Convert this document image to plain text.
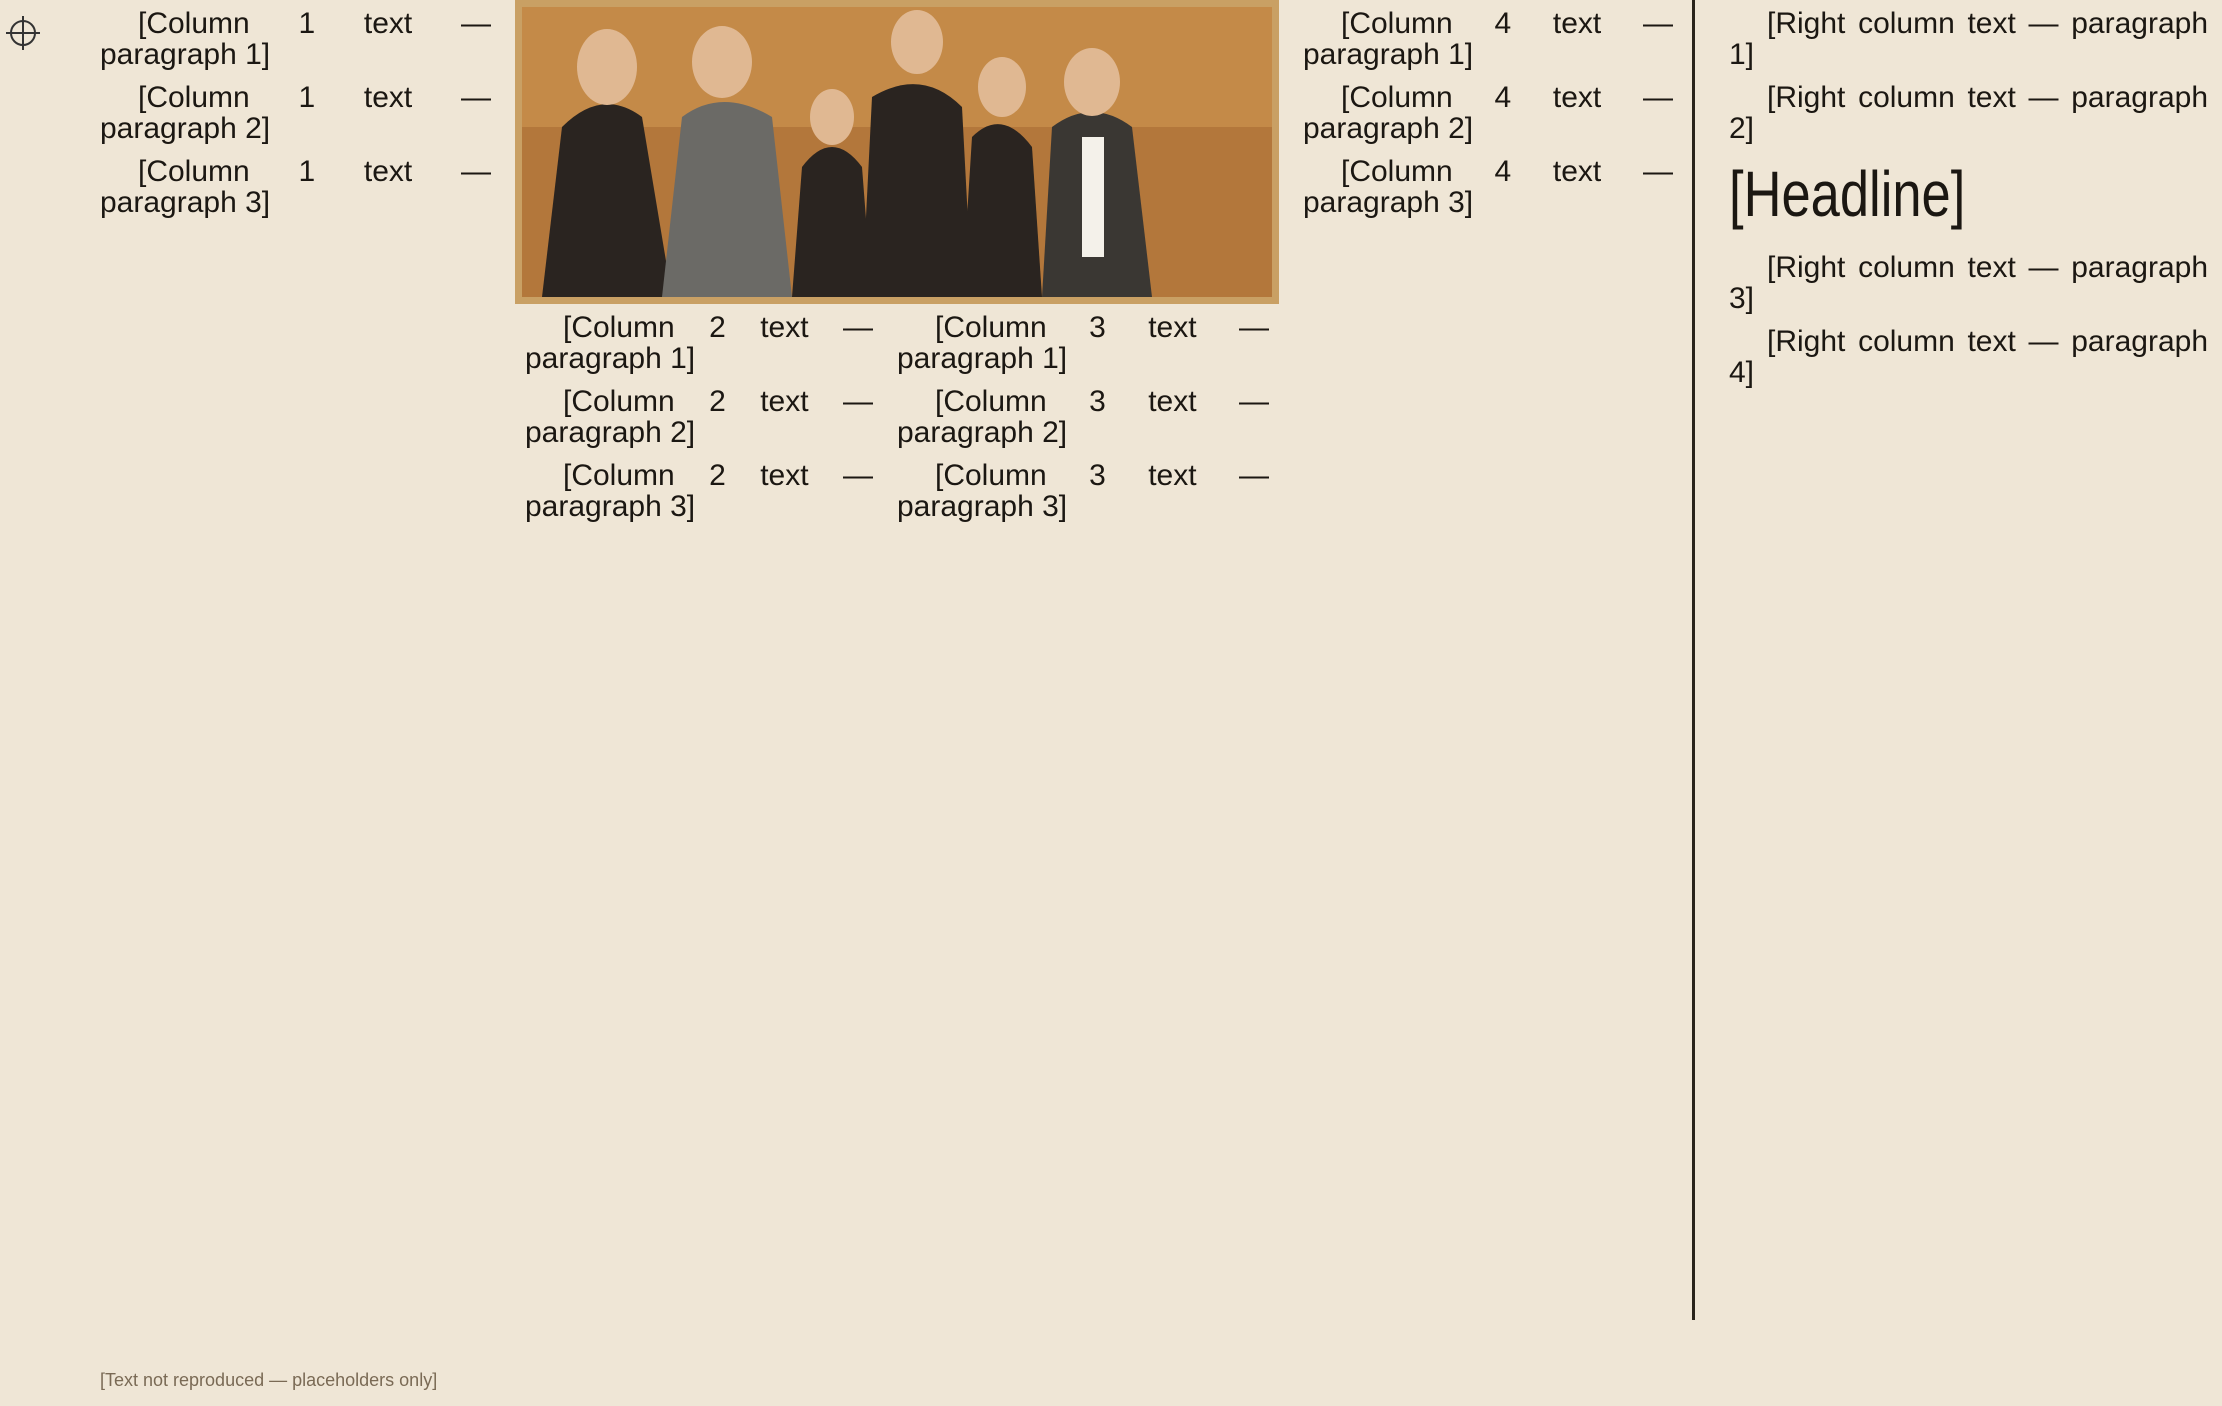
[Column 1 text — paragraph 1]

[Column 1 text — paragraph 2]

[Column 1 text — paragraph 3]

[Column 2 text — paragraph 1]

[Column 2 text — paragraph 2]

[Column 2 text — paragraph 3]

[Column 3 text — paragraph 1]

[Column 3 text — paragraph 2]

[Column 3 text — paragraph 3]

[Column 4 text — paragraph 1]

[Column 4 text — paragraph 2]

[Column 4 text — paragraph 3]

[Right column text — paragraph 1]

[Right column text — paragraph 2]

[Headline]

[Right column text — paragraph 3]

[Right column text — paragraph 4]

[Text not reproduced — placeholders only]
